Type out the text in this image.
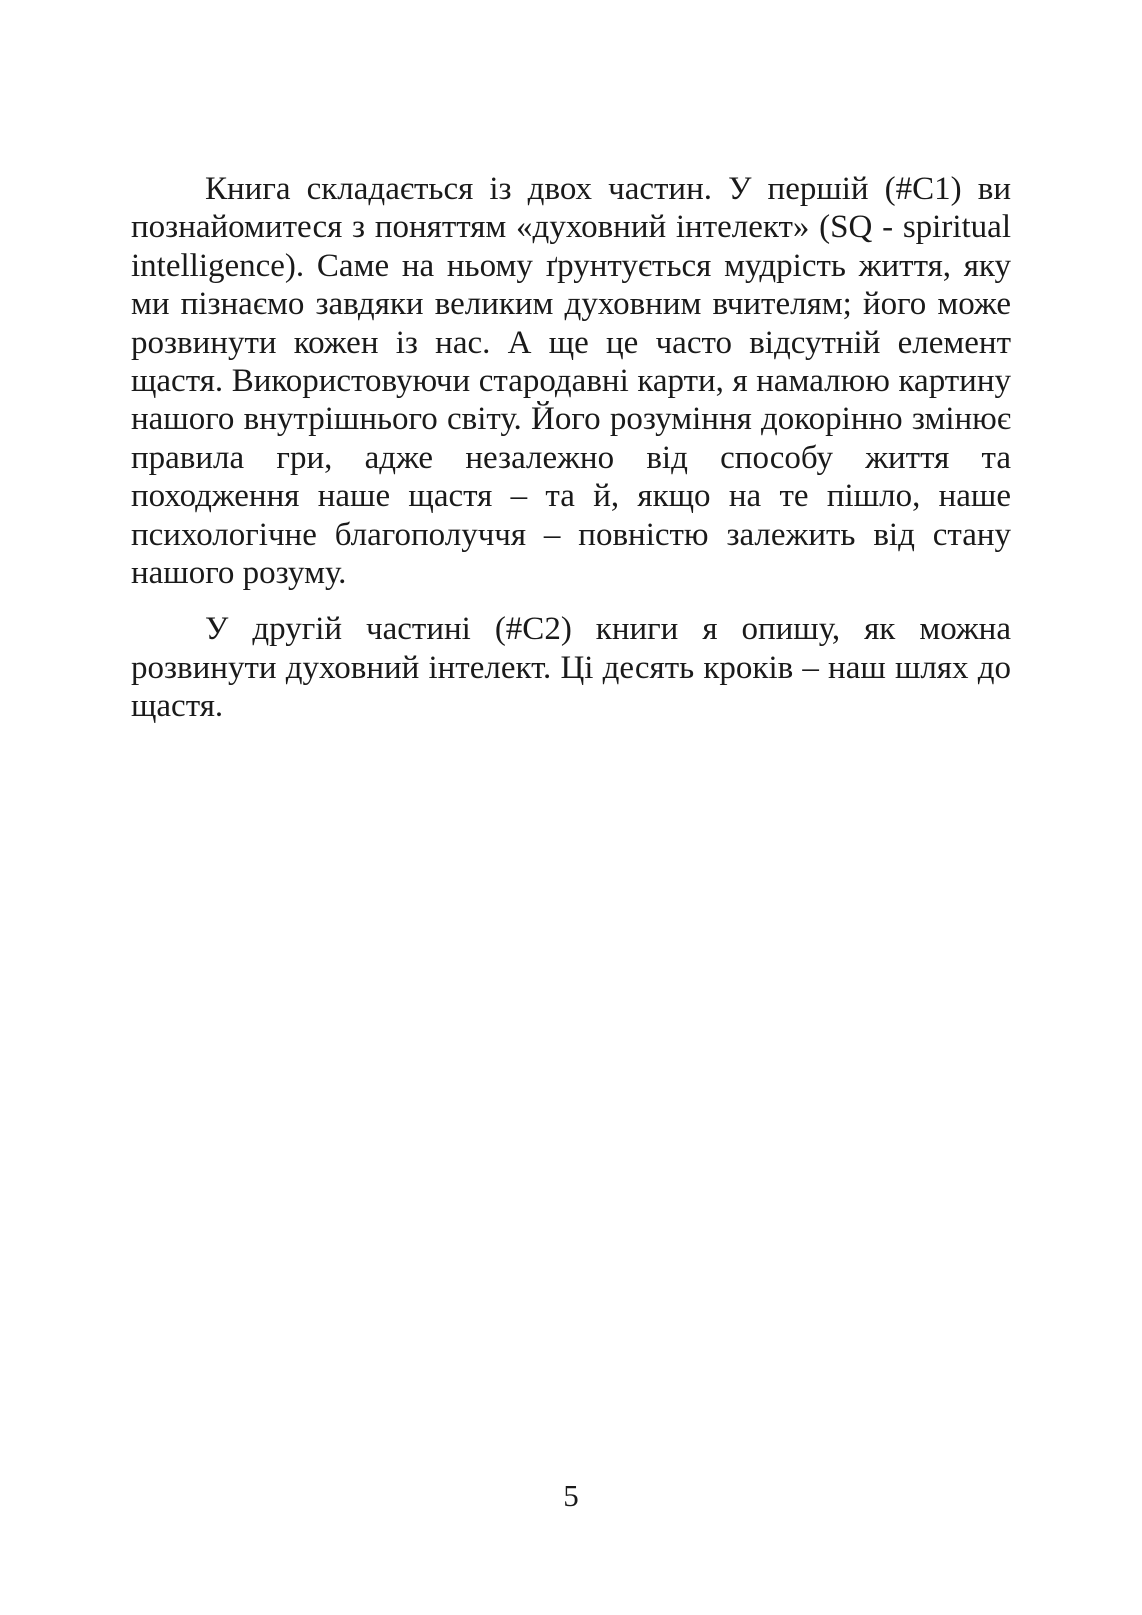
Книга складається із двох частин. У першій (#С1) ви познайомитеся з поняттям «духовний інтелект» (SQ - spiritual intelligence). Саме на ньому ґрунтується мудрість життя, яку ми пізнаємо завдяки великим духовним вчителям; його може розвинути кожен із нас. А ще це часто відсутній елемент щастя. Використовуючи стародавні карти, я намалюю картину нашого внутрішнього світу. Його розуміння докорінно змінює правила гри, адже незалежно від способу життя та походження наше щастя – та й, якщо на те пішло, наше психологічне благополуччя – повністю залежить від стану нашого розуму.

У другій частині (#С2) книги я опишу, як можна розвинути духовний інтелект. Ці десять кроків – наш шлях до щастя.

5
